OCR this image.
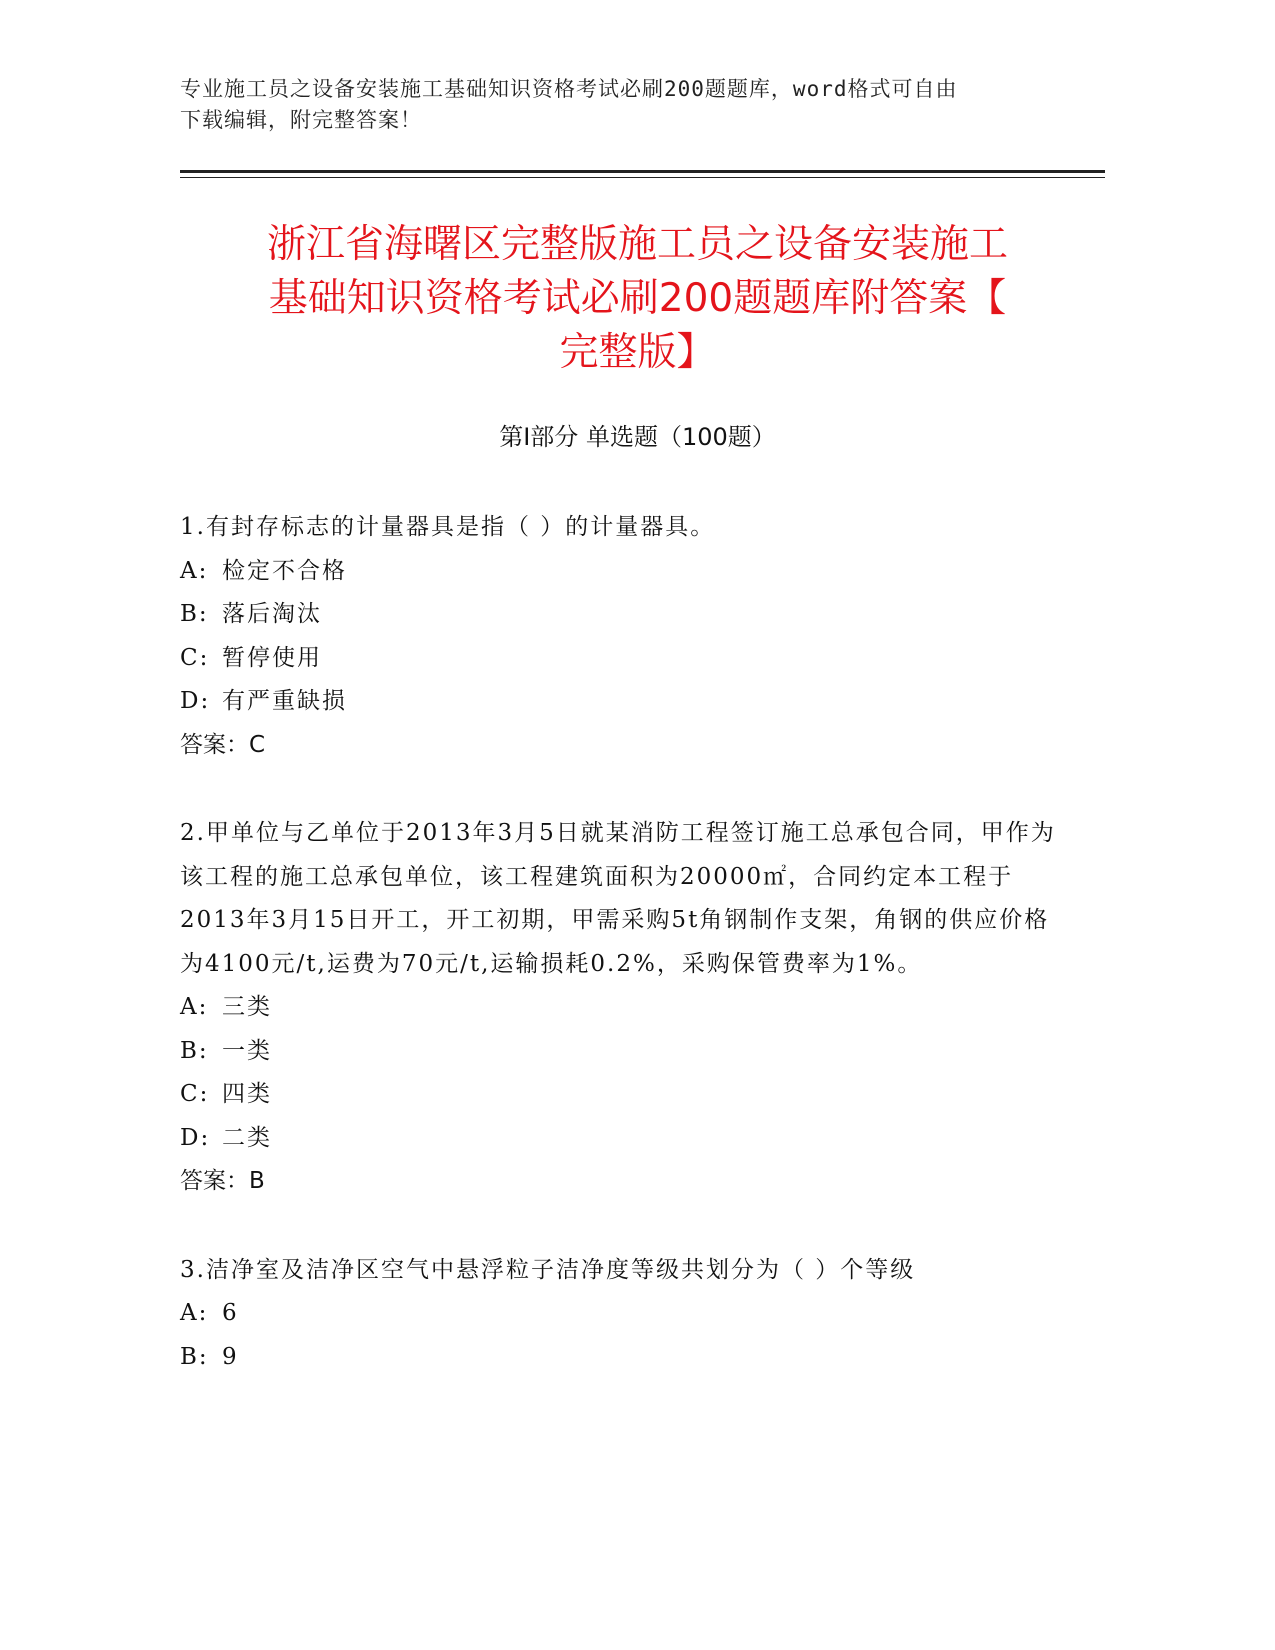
专业施工员之设备安装施工基础知识资格考试必刷200题题库，word格式可自由
下载编辑，附完整答案！
浙江省海曙区完整版施工员之设备安装施工
基础知识资格考试必刷200题题库附答案【
完整版】
第Ⅰ部分 单选题（100题）

1.有封存标志的计量器具是指（ ）的计量器具。

A: 检定不合格
B: 落后淘汰
C: 暂停使用
D: 有严重缺损

答案：C

2.甲单位与乙单位于2013年3月5日就某消防工程签订施工总承包合同，甲作为该工程的施工总承包单位，该工程建筑面积为20000㎡，合同约定本工程于2013年3月15日开工，开工初期，甲需采购5t角钢制作支架，角钢的供应价格为4100元/t,运费为70元/t,运输损耗0.2%，采购保管费率为1%。

A: 三类
B: 一类
C: 四类
D: 二类

答案：B

3.洁净室及洁净区空气中悬浮粒子洁净度等级共划分为（ ）个等级

A: 6
B: 9
